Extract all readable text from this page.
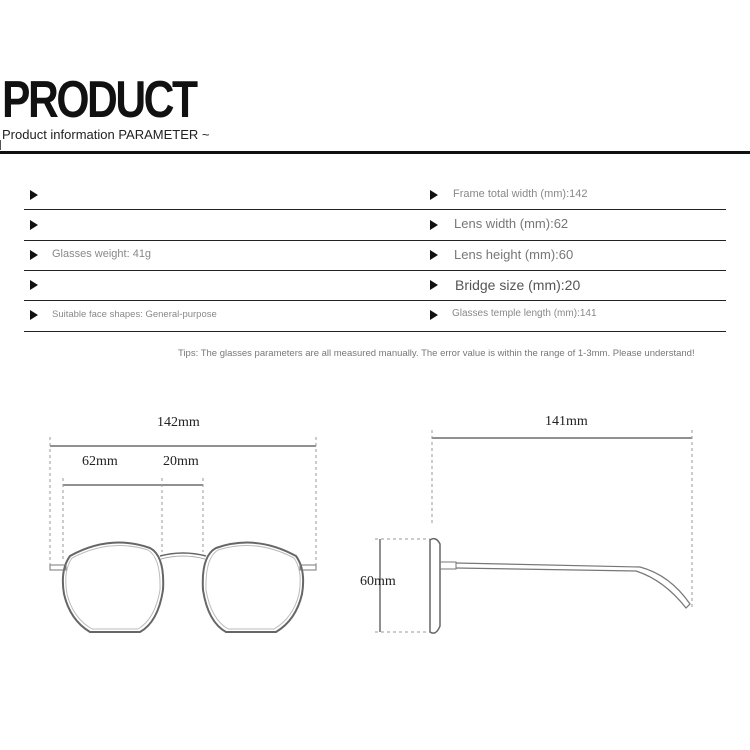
PRODUCT
Product information PARAMETER ~
Glasses weight: 41g
Suitable face shapes: General-purpose
Frame total width (mm):142
Lens width (mm):62
Lens height (mm):60
Bridge size (mm):20
Glasses temple length (mm):141
Tips: The glasses parameters are all measured manually. The error value is within the range of 1-3mm. Please understand!
142mm
62mm	20mm
141mm
60mm
